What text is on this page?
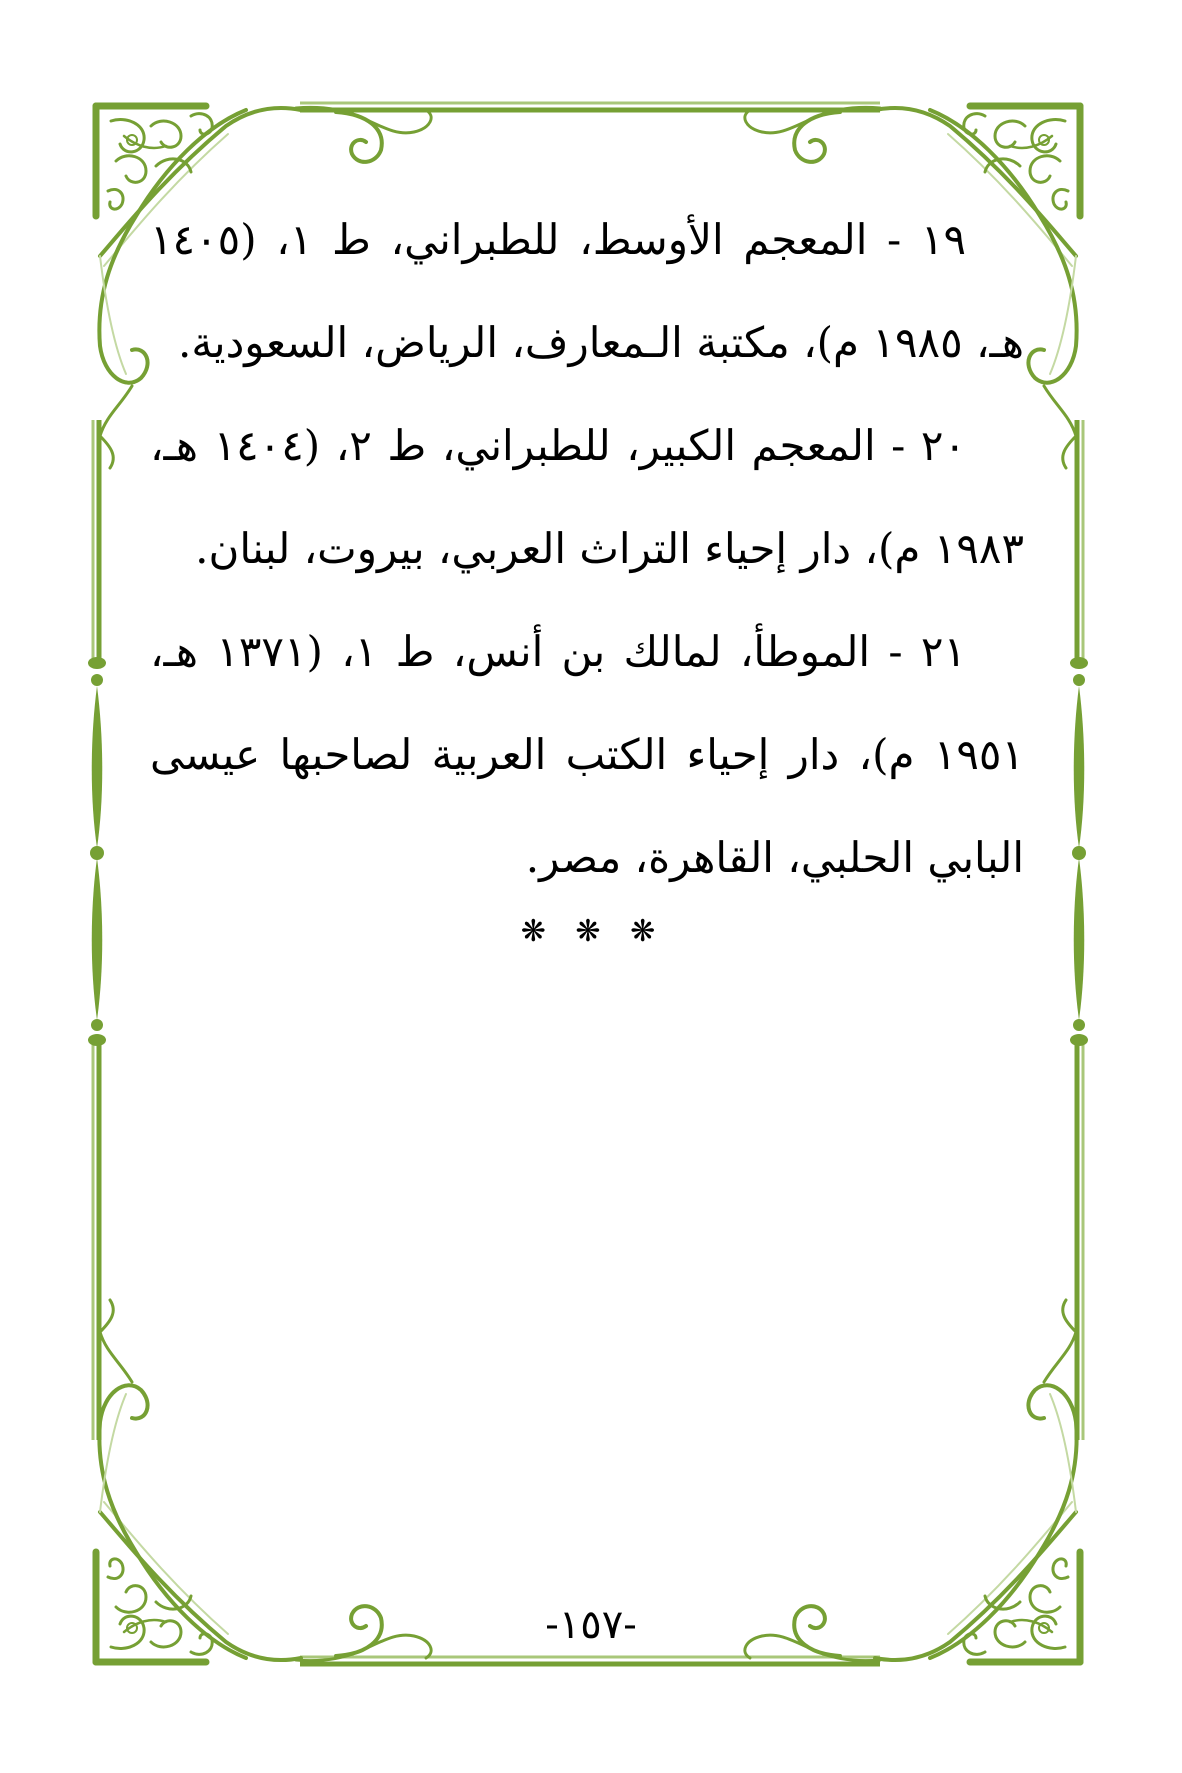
١٩ - المعجم الأوسط، للطبراني، ط ١، (١٤٠٥ هـ، ١٩٨٥ م)، مكتبة الـمعارف، الرياض، السعودية.

٢٠ - المعجم الكبير، للطبراني، ط ٢، (١٤٠٤ هـ، ١٩٨٣ م)، دار إحياء التراث العربي، بيروت، لبنان.

٢١ - الموطأ، لمالك بن أنس، ط ١، (١٣٧١ هـ، ١٩٥١ م)، دار إحياء الكتب العربية لصاحبها عيسى البابي الحلبي، القاهرة، مصر.

❋ ❋ ❋
-١٥٧-
